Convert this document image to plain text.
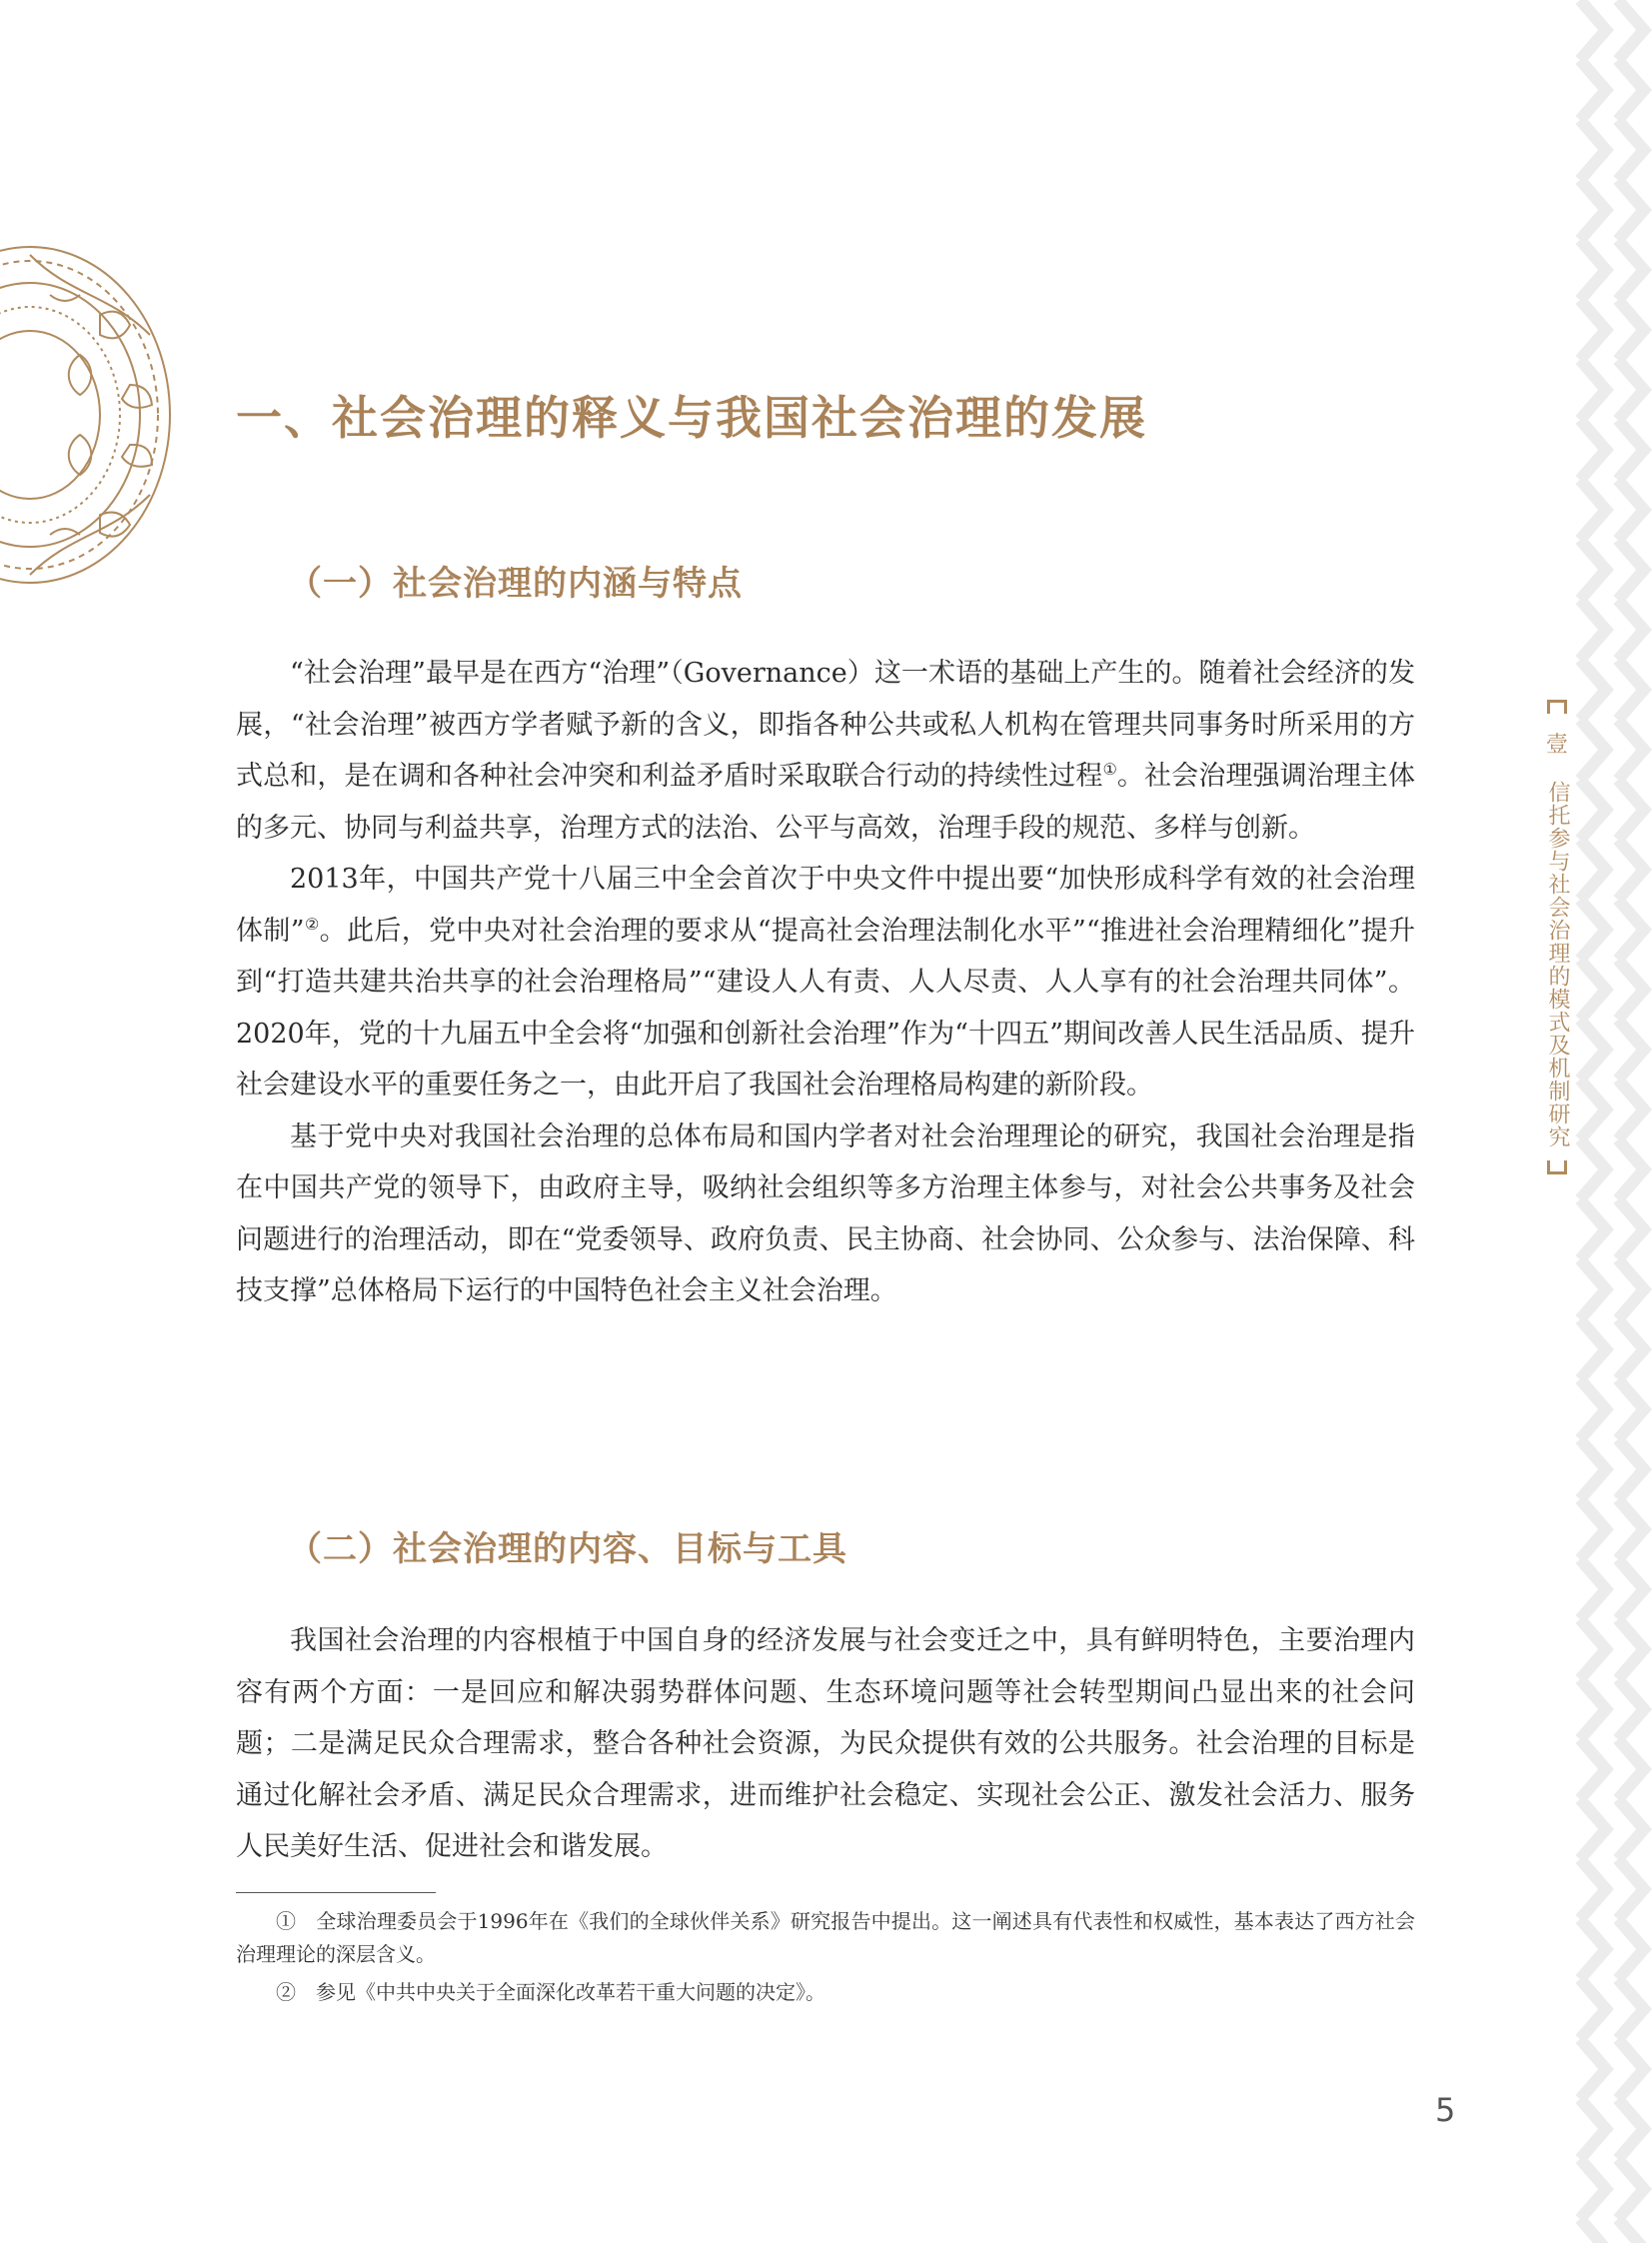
壹
信托参与社会治理的模式及机制研究
一、社会治理的释义与我国社会治理的发展
（一）社会治理的内涵与特点

“社会治理”最早是在西方“治理”（Governance）这一术语的基础上产生的。随着社会经济的发展，“社会治理”被西方学者赋予新的含义，即指各种公共或私人机构在管理共同事务时所采用的方式总和，是在调和各种社会冲突和利益矛盾时采取联合行动的持续性过程①。社会治理强调治理主体的多元、协同与利益共享，治理方式的法治、公平与高效，治理手段的规范、多样与创新。

2013年，中国共产党十八届三中全会首次于中央文件中提出要“加快形成科学有效的社会治理体制”②。此后，党中央对社会治理的要求从“提高社会治理法制化水平”“推进社会治理精细化”提升到“打造共建共治共享的社会治理格局”“建设人人有责、人人尽责、人人享有的社会治理共同体”。2020年，党的十九届五中全会将“加强和创新社会治理”作为“十四五”期间改善人民生活品质、提升社会建设水平的重要任务之一，由此开启了我国社会治理格局构建的新阶段。

基于党中央对我国社会治理的总体布局和国内学者对社会治理理论的研究，我国社会治理是指在中国共产党的领导下，由政府主导，吸纳社会组织等多方治理主体参与，对社会公共事务及社会问题进行的治理活动，即在“党委领导、政府负责、民主协商、社会协同、公众参与、法治保障、科技支撑”总体格局下运行的中国特色社会主义社会治理。

（二）社会治理的内容、目标与工具

我国社会治理的内容根植于中国自身的经济发展与社会变迁之中，具有鲜明特色，主要治理内容有两个方面：一是回应和解决弱势群体问题、生态环境问题等社会转型期间凸显出来的社会问题；二是满足民众合理需求，整合各种社会资源，为民众提供有效的公共服务。社会治理的目标是通过化解社会矛盾、满足民众合理需求，进而维护社会稳定、实现社会公正、激发社会活力、服务人民美好生活、促进社会和谐发展。

①　全球治理委员会于1996年在《我们的全球伙伴关系》研究报告中提出。这一阐述具有代表性和权威性，基本表达了西方社会治理理论的深层含义。

②　参见《中共中央关于全面深化改革若干重大问题的决定》。

5
